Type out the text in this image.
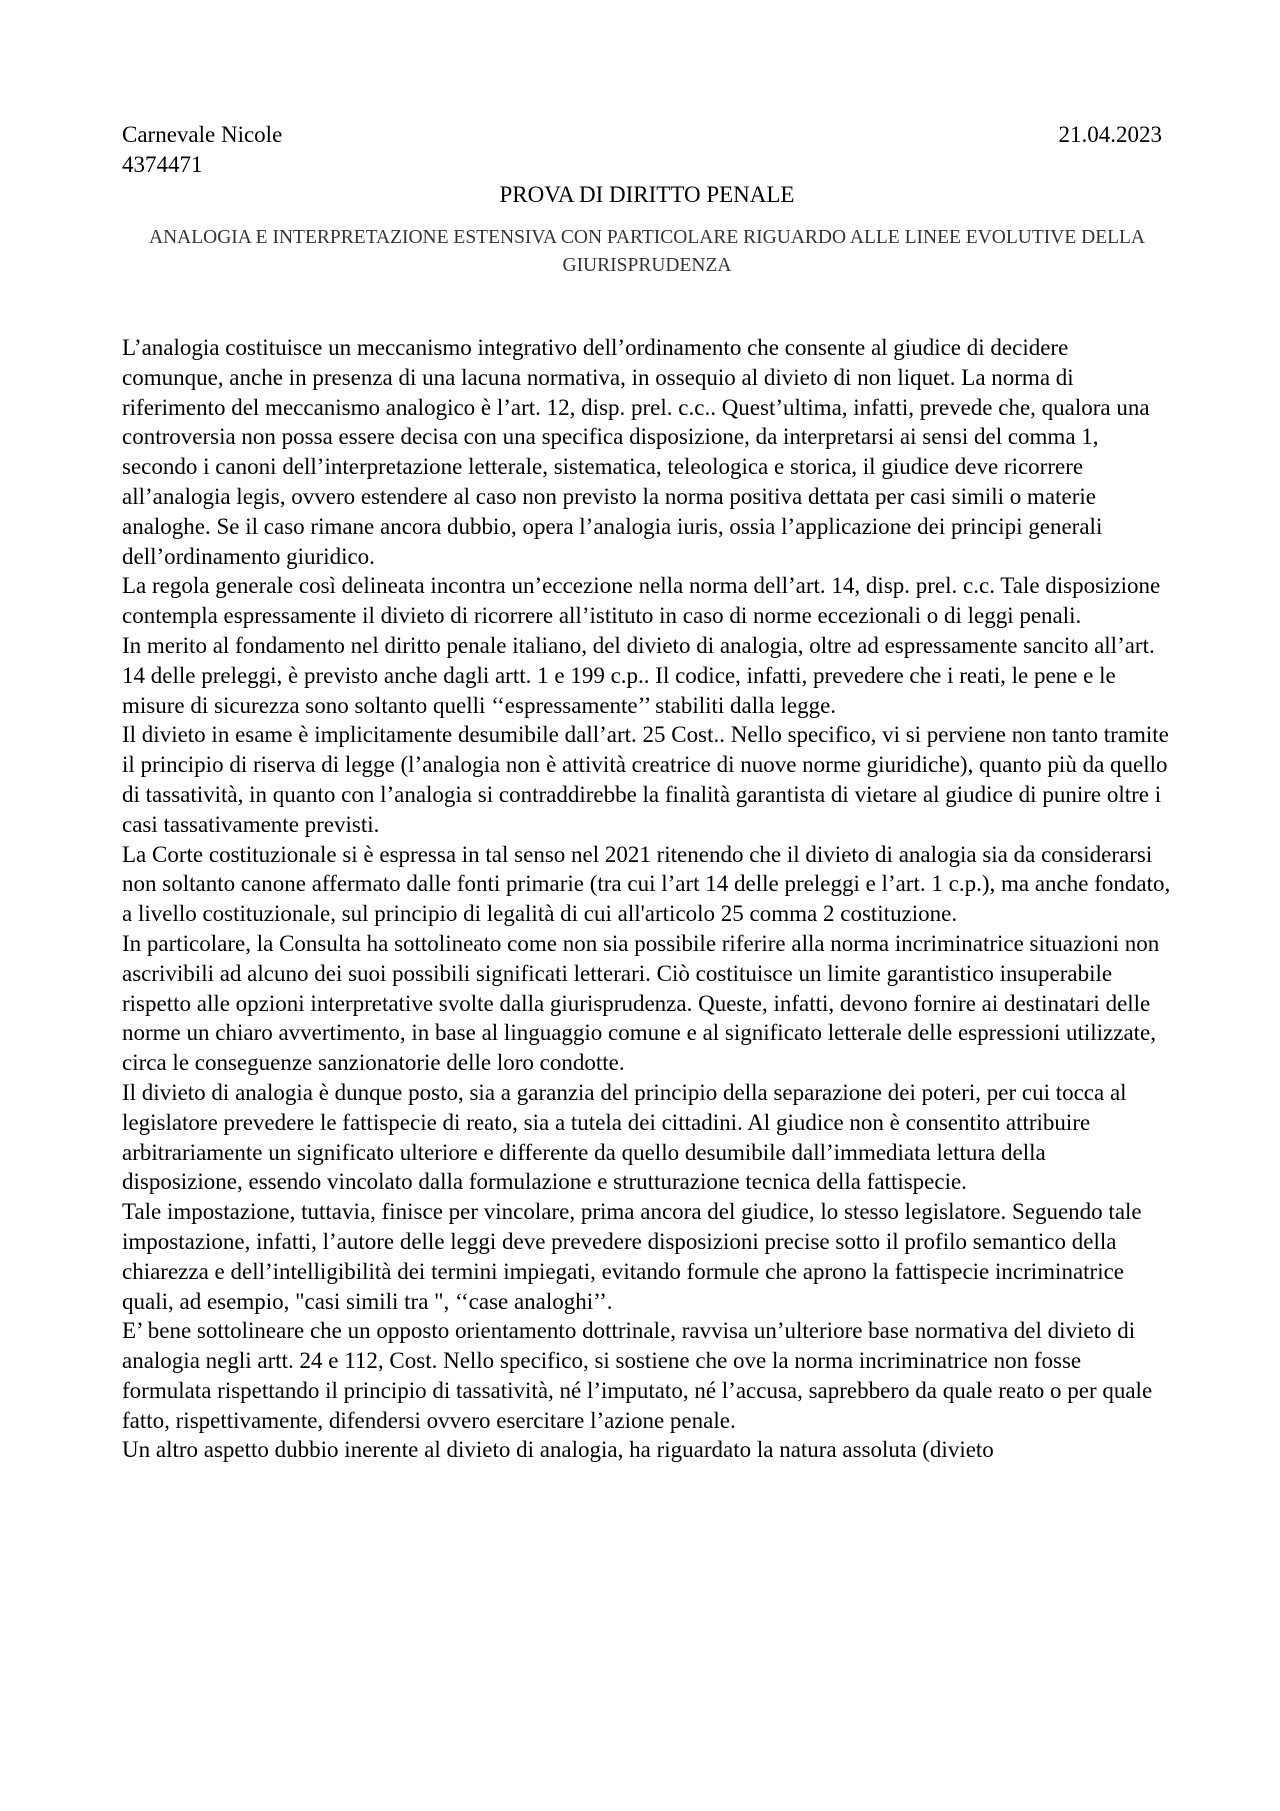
Carnevale Nicole	21.04.2023
4374471
PROVA DI DIRITTO PENALE
ANALOGIA E INTERPRETAZIONE ESTENSIVA CON PARTICOLARE RIGUARDO ALLE LINEE EVOLUTIVE DELLA GIURISPRUDENZA

L’analogia costituisce un meccanismo integrativo dell’ordinamento che consente al giudice di decidere comunque, anche in presenza di una lacuna normativa, in ossequio al divieto di non liquet. La norma di riferimento del meccanismo analogico è l’art. 12, disp. prel. c.c.. Quest’ultima, infatti, prevede che, qualora una controversia non possa essere decisa con una specifica disposizione, da interpretarsi ai sensi del comma 1, secondo i canoni dell’interpretazione letterale, sistematica, teleologica e storica, il giudice deve ricorrere all’analogia legis, ovvero estendere al caso non previsto la norma positiva dettata per casi simili o materie analoghe. Se il caso rimane ancora dubbio, opera l’analogia iuris, ossia l’applicazione dei principi generali dell’ordinamento giuridico.

La regola generale così delineata incontra un’eccezione nella norma dell’art. 14, disp. prel. c.c. Tale disposizione contempla espressamente il divieto di ricorrere all’istituto in caso di norme eccezionali o di leggi penali.

In merito al fondamento nel diritto penale italiano, del divieto di analogia, oltre ad espressamente sancito all’art. 14 delle preleggi, è previsto anche dagli artt. 1 e 199 c.p.. Il codice, infatti, prevedere che i reati, le pene e le misure di sicurezza sono soltanto quelli ‘‘espressamente’’ stabiliti dalla legge.

Il divieto in esame è implicitamente desumibile dall’art. 25 Cost.. Nello specifico, vi si perviene non tanto tramite il principio di riserva di legge (l’analogia non è attività creatrice di nuove norme giuridiche), quanto più da quello di tassatività, in quanto con l’analogia si contraddirebbe la finalità garantista di vietare al giudice di punire oltre i casi tassativamente previsti.

La Corte costituzionale si è espressa in tal senso nel 2021 ritenendo che il divieto di analogia sia da considerarsi non soltanto canone affermato dalle fonti primarie (tra cui l’art 14 delle preleggi e l’art. 1 c.p.), ma anche fondato, a livello costituzionale, sul principio di legalità di cui all'articolo 25 comma 2 costituzione.

In particolare, la Consulta ha sottolineato come non sia possibile riferire alla norma incriminatrice situazioni non ascrivibili ad alcuno dei suoi possibili significati letterari. Ciò costituisce un limite garantistico insuperabile rispetto alle opzioni interpretative svolte dalla giurisprudenza. Queste, infatti, devono fornire ai destinatari delle norme un chiaro avvertimento, in base al linguaggio comune e al significato letterale delle espressioni utilizzate, circa le conseguenze sanzionatorie delle loro condotte.

Il divieto di analogia è dunque posto, sia a garanzia del principio della separazione dei poteri, per cui tocca al legislatore prevedere le fattispecie di reato, sia a tutela dei cittadini. Al giudice non è consentito attribuire arbitrariamente un significato ulteriore e differente da quello desumibile dall’immediata lettura della disposizione, essendo vincolato dalla formulazione e strutturazione tecnica della fattispecie.

Tale impostazione, tuttavia, finisce per vincolare, prima ancora del giudice, lo stesso legislatore. Seguendo tale impostazione, infatti, l’autore delle leggi deve prevedere disposizioni precise sotto il profilo semantico della chiarezza e dell’intelligibilità dei termini impiegati, evitando formule che aprono la fattispecie incriminatrice quali, ad esempio, "casi simili tra ", ‘‘case analoghi’’.

E’ bene sottolineare che un opposto orientamento dottrinale, ravvisa un’ulteriore base normativa del divieto di analogia negli artt. 24 e 112, Cost. Nello specifico, si sostiene che ove la norma incriminatrice non fosse formulata rispettando il principio di tassatività, né l’imputato, né l’accusa, saprebbero da quale reato o per quale fatto, rispettivamente, difendersi ovvero esercitare l’azione penale.

Un altro aspetto dubbio inerente al divieto di analogia, ha riguardato la natura assoluta (divieto
